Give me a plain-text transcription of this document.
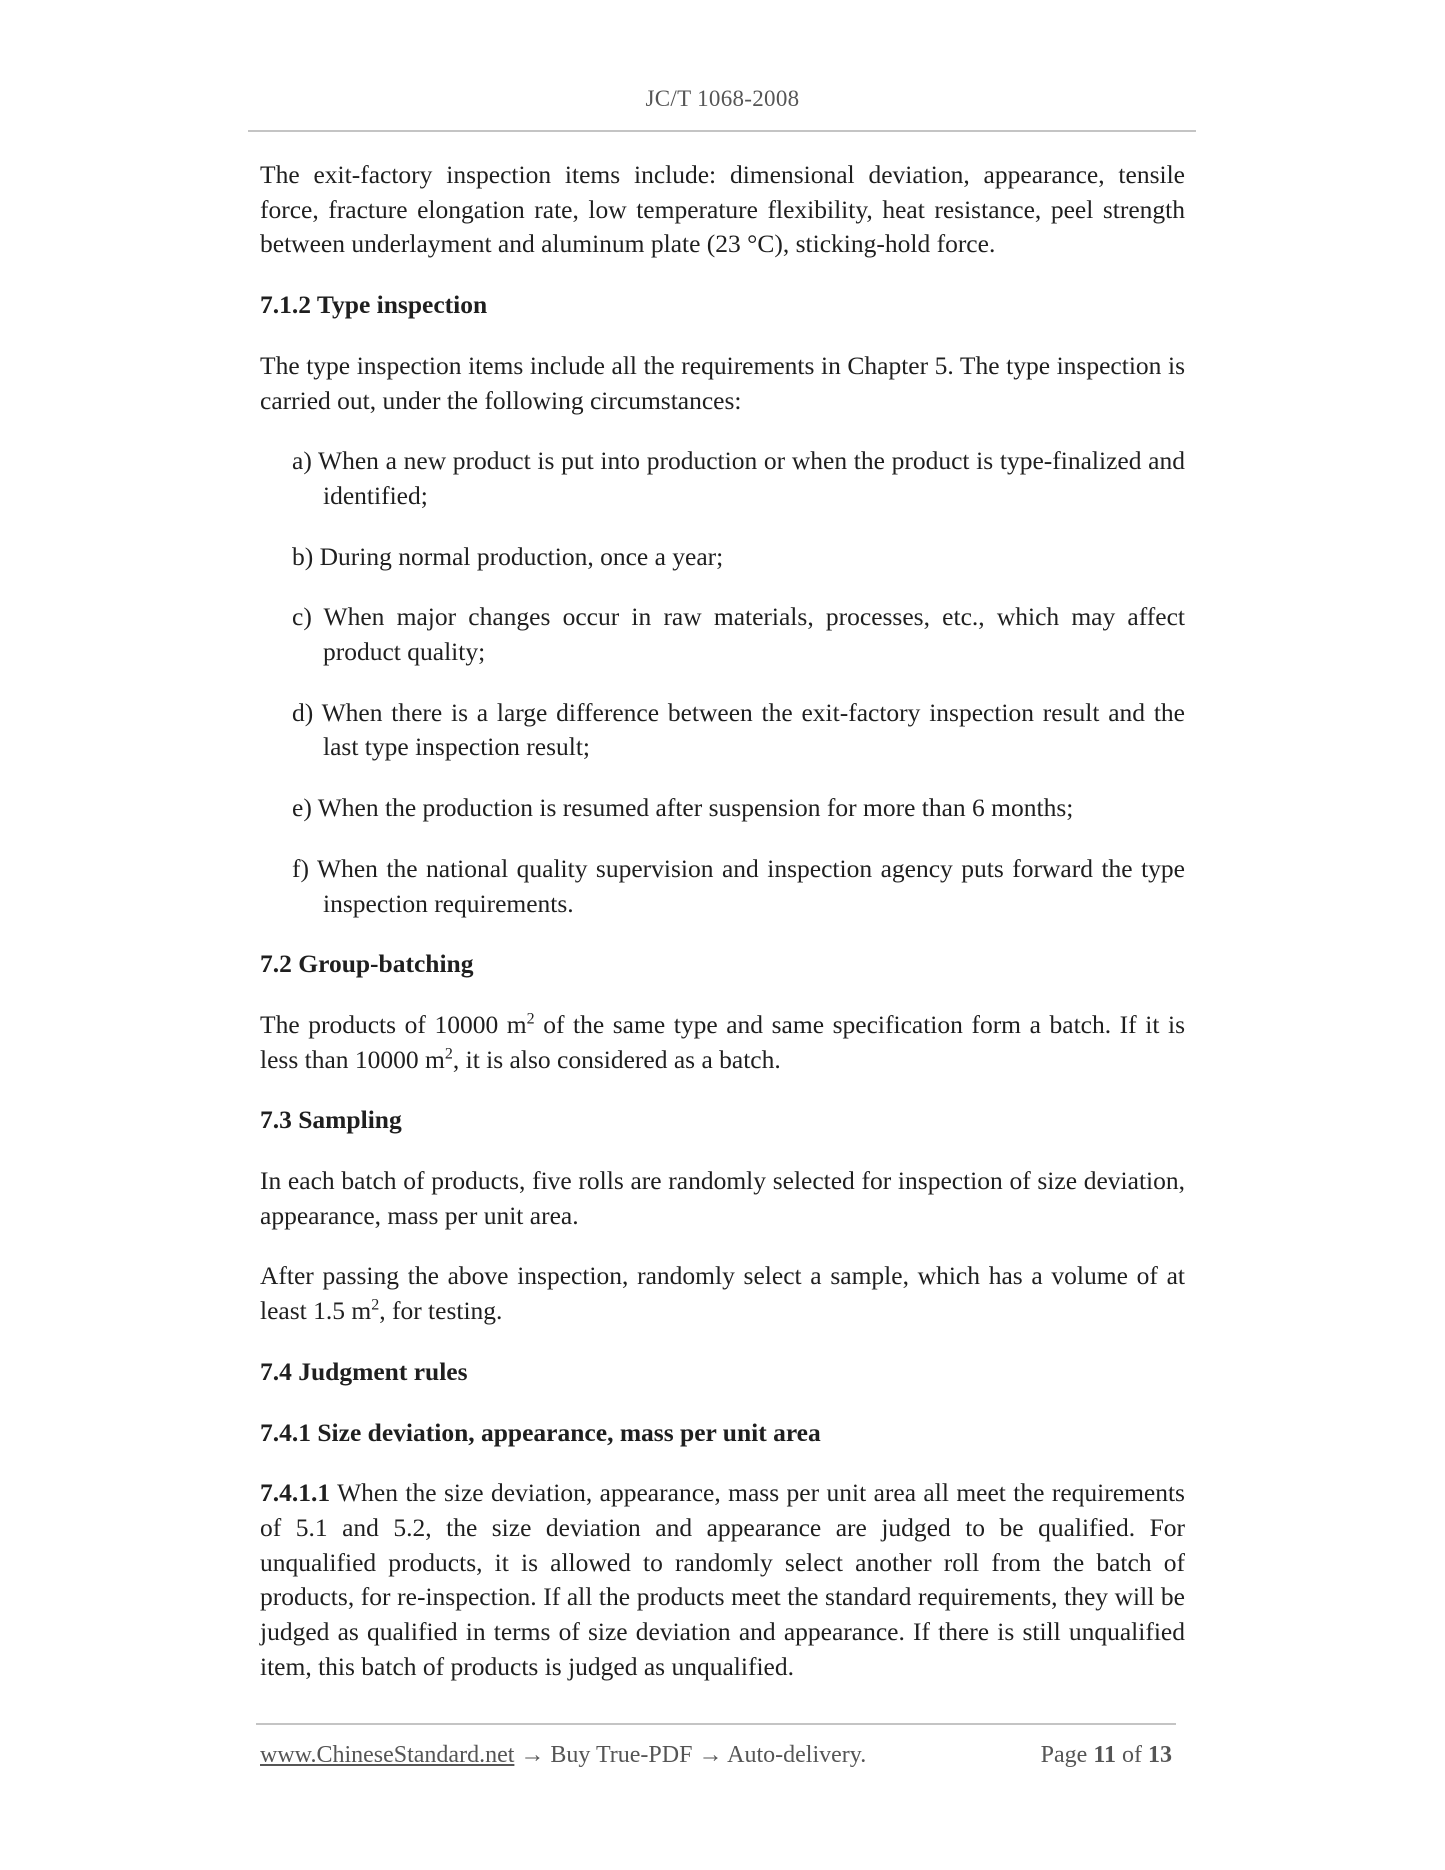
JC/T 1068-2008

The exit-factory inspection items include: dimensional deviation, appearance, tensile force, fracture elongation rate, low temperature flexibility, heat resistance, peel strength between underlayment and aluminum plate (23 °C), sticking-hold force.

7.1.2 Type inspection

The type inspection items include all the requirements in Chapter 5. The type inspection is carried out, under the following circumstances:

a) When a new product is put into production or when the product is type-finalized and identified;

b) During normal production, once a year;

c) When major changes occur in raw materials, processes, etc., which may affect product quality;

d) When there is a large difference between the exit-factory inspection result and the last type inspection result;

e) When the production is resumed after suspension for more than 6 months;

f) When the national quality supervision and inspection agency puts forward the type inspection requirements.

7.2 Group-batching

The products of 10000 $m^2$ of the same type and same specification form a batch. If it is less than 10000 $m^2$, it is also considered as a batch.

7.3 Sampling

In each batch of products, five rolls are randomly selected for inspection of size deviation, appearance, mass per unit area.

After passing the above inspection, randomly select a sample, which has a volume of at least 1.5 $m^2$, for testing.

7.4 Judgment rules

7.4.1 Size deviation, appearance, mass per unit area

7.4.1.1 When the size deviation, appearance, mass per unit area all meet the requirements of 5.1 and 5.2, the size deviation and appearance are judged to be qualified. For unqualified products, it is allowed to randomly select another roll from the batch of products, for re-inspection. If all the products meet the standard requirements, they will be judged as qualified in terms of size deviation and appearance. If there is still unqualified item, this batch of products is judged as unqualified.

www.ChineseStandard.net → Buy True-PDF → Auto-delivery.	Page 11 of 13
